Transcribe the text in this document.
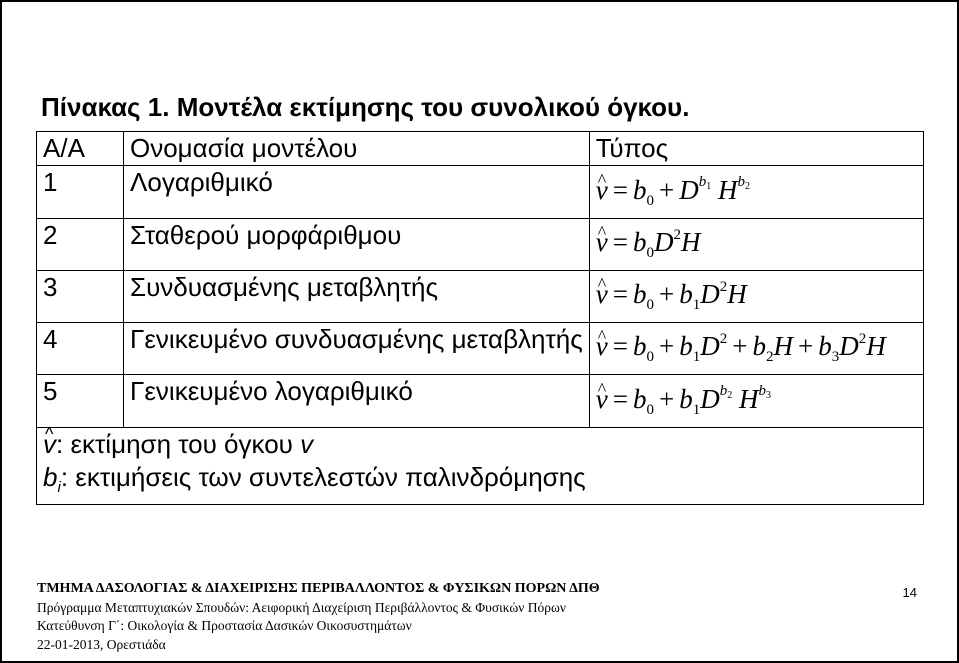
Πίνακας 1. Μοντέλα εκτίμησης του συνολικού όγκου.
Α/Α	Ονομασία μοντέλου	Τύπος
1	Λογαριθμικό	^ $v = b_0 + D^{b_1}$ $H^{b_2}$
2	Σταθερού μορφάριθμου	^ $v = b_0D^2H$
3	Συνδυασμένης μεταβλητής	^ $v = b_0 + b_1D^2H$
4	Γενικευμένο συνδυασμένης μεταβλητής	^ $v = b_0 + b_1D^2 + b_2H + b_3D^2H$
5	Γενικευμένο λογαριθμικό	^ $v = b_0 + b_1D^{b_2}$ $H^{b_3}$

^ v: εκτίμηση του όγκου v
$b_i$: εκτιμήσεις των συντελεστών παλινδρόμησης
ΤΜΗΜΑ ΔΑΣΟΛΟΓΙΑΣ & ΔΙΑΧΕΙΡΙΣΗΣ ΠΕΡΙΒΑΛΛΟΝΤΟΣ & ΦΥΣΙΚΩΝ ΠΟΡΩΝ ΔΠΘ
Πρόγραμμα Μεταπτυχιακών Σπουδών: Αειφορική Διαχείριση Περιβάλλοντος & Φυσικών Πόρων
Κατεύθυνση Γ΄: Οικολογία & Προστασία Δασικών Οικοσυστημάτων
22-01-2013, Ορεστιάδα
14
